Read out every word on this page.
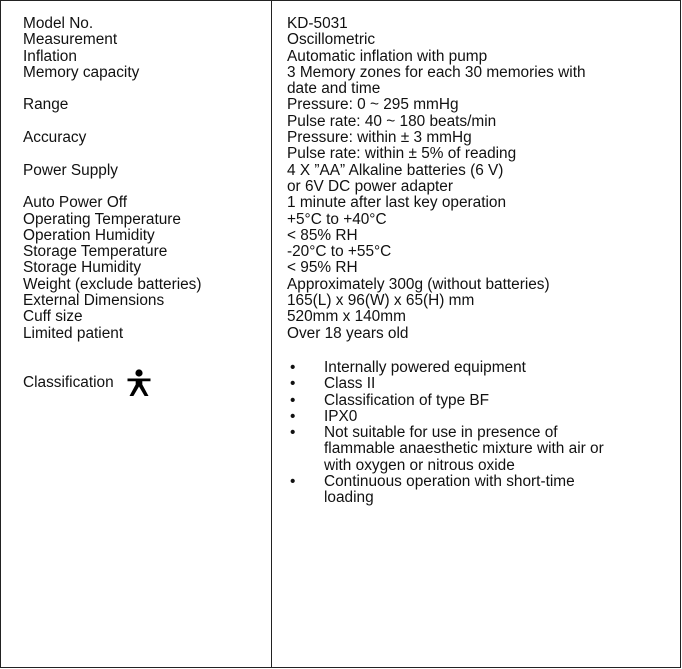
Model No.
Measurement
Inflation
Memory capacity
Range
Accuracy
Power Supply
Auto Power Off
Operating Temperature
Operation Humidity
Storage Temperature
Storage Humidity
Weight (exclude batteries)
External Dimensions
Cuff size
Limited patient
Classification
KD-5031
Oscillometric
Automatic inflation with pump
3 Memory zones for each 30 memories with
date and time
Pressure: 0 ~ 295 mmHg
Pulse rate: 40 ~ 180 beats/min
Pressure: within ± 3 mmHg
Pulse rate: within ± 5% of reading
4 X ”AA” Alkaline batteries (6 V)
or 6V DC power adapter
1 minute after last key operation
+5°C to +40°C
< 85% RH
-20°C to +55°C
< 95% RH
Approximately 300g (without batteries)
165(L) x 96(W) x 65(H) mm
520mm x 140mm
Over 18 years old
• Internally powered equipment
• Class II
• Classification of type BF
• IPX0
• Not suitable for use in presence of
flammable anaesthetic mixture with air or
with oxygen or nitrous oxide
• Continuous operation with short-time
loading
